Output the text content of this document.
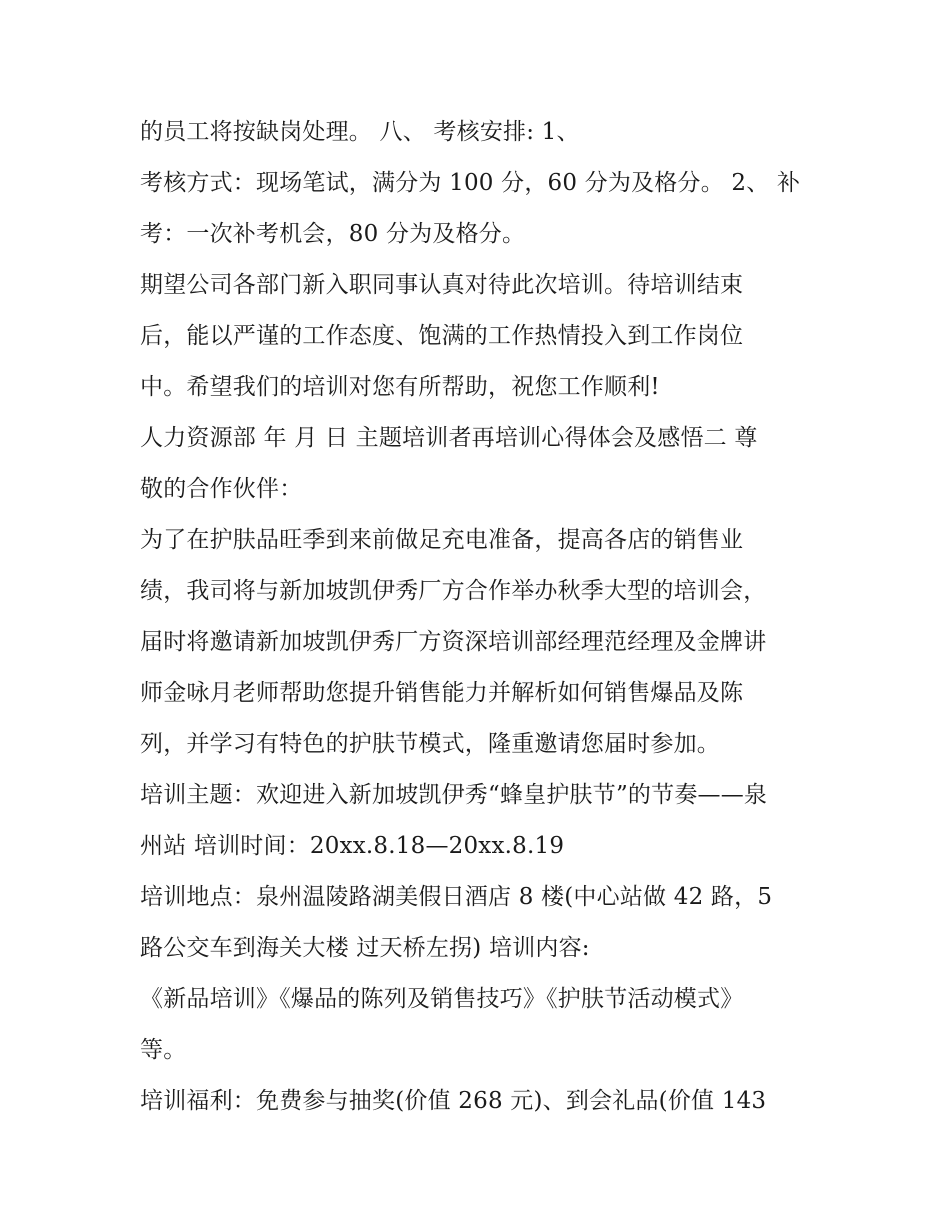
的员工将按缺岗处理。 八、 考核安排: 1、
考核方式：现场笔试，满分为 100 分，60 分为及格分。 2、 补
考：一次补考机会，80 分为及格分。
期望公司各部门新入职同事认真对待此次培训。待培训结束
后，能以严谨的工作态度、饱满的工作热情投入到工作岗位
中。希望我们的培训对您有所帮助，祝您工作顺利!
人力资源部 年 月 日 主题培训者再培训心得体会及感悟二 尊
敬的合作伙伴：
为了在护肤品旺季到来前做足充电准备，提高各店的销售业
绩，我司将与新加坡凯伊秀厂方合作举办秋季大型的培训会，
届时将邀请新加坡凯伊秀厂方资深培训部经理范经理及金牌讲
师金咏月老师帮助您提升销售能力并解析如何销售爆品及陈
列，并学习有特色的护肤节模式，隆重邀请您届时参加。
培训主题：欢迎进入新加坡凯伊秀“蜂皇护肤节”的节奏——泉
州站 培训时间：20xx.8.18—20xx.8.19
培训地点：泉州温陵路湖美假日酒店 8 楼(中心站做 42 路，5
路公交车到海关大楼 过天桥左拐) 培训内容:
《新品培训》《爆品的陈列及销售技巧》《护肤节活动模式》
等。
培训福利：免费参与抽奖(价值 268 元)、到会礼品(价值 143
